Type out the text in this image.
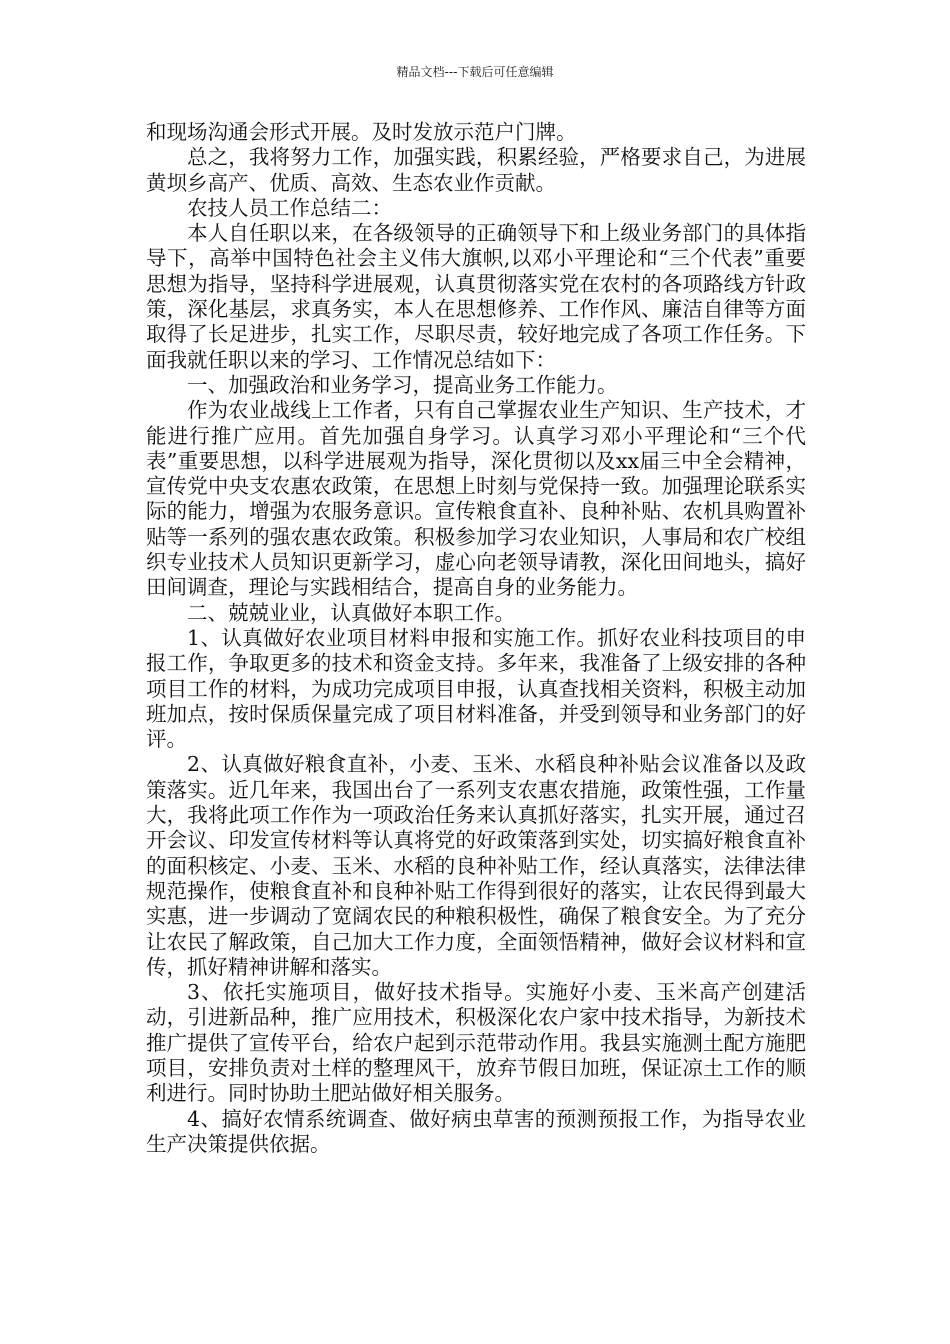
精品文档---下载后可任意编辑

和现场沟通会形式开展。及时发放示范户门牌。

总之，我将努力工作，加强实践，积累经验，严格要求自己，为进展黄坝乡高产、优质、高效、生态农业作贡献。

农技人员工作总结二：

本人自任职以来，在各级领导的正确领导下和上级业务部门的具体指导下，高举中国特色社会主义伟大旗帜,以邓小平理论和“三个代表”重要思想为指导，坚持科学进展观，认真贯彻落实党在农村的各项路线方针政策，深化基层，求真务实，本人在思想修养、工作作风、廉洁自律等方面取得了长足进步，扎实工作，尽职尽责，较好地完成了各项工作任务。下面我就任职以来的学习、工作情况总结如下：

一、加强政治和业务学习，提高业务工作能力。

作为农业战线上工作者，只有自己掌握农业生产知识、生产技术，才能进行推广应用。首先加强自身学习。认真学习邓小平理论和“三个代表”重要思想，以科学进展观为指导，深化贯彻以及xx届三中全会精神，宣传党中央支农惠农政策，在思想上时刻与党保持一致。加强理论联系实际的能力，增强为农服务意识。宣传粮食直补、良种补贴、农机具购置补贴等一系列的强农惠农政策。积极参加学习农业知识，人事局和农广校组织专业技术人员知识更新学习，虚心向老领导请教，深化田间地头，搞好田间调查，理论与实践相结合，提高自身的业务能力。

二、兢兢业业，认真做好本职工作。

1、认真做好农业项目材料申报和实施工作。抓好农业科技项目的申报工作，争取更多的技术和资金支持。多年来，我准备了上级安排的各种项目工作的材料，为成功完成项目申报，认真查找相关资料，积极主动加班加点，按时保质保量完成了项目材料准备，并受到领导和业务部门的好评。

2、认真做好粮食直补，小麦、玉米、水稻良种补贴会议准备以及政策落实。近几年来，我国出台了一系列支农惠农措施，政策性强，工作量大，我将此项工作作为一项政治任务来认真抓好落实，扎实开展，通过召开会议、印发宣传材料等认真将党的好政策落到实处，切实搞好粮食直补的面积核定、小麦、玉米、水稻的良种补贴工作，经认真落实，法律法律规范操作，使粮食直补和良种补贴工作得到很好的落实，让农民得到最大实惠，进一步调动了宽阔农民的种粮积极性，确保了粮食安全。为了充分让农民了解政策，自己加大工作力度，全面领悟精神，做好会议材料和宣传，抓好精神讲解和落实。

3、依托实施项目，做好技术指导。实施好小麦、玉米高产创建活动，引进新品种，推广应用技术，积极深化农户家中技术指导，为新技术推广提供了宣传平台，给农户起到示范带动作用。我县实施测土配方施肥项目，安排负责对土样的整理风干，放弃节假日加班，保证凉土工作的顺利进行。同时协助土肥站做好相关服务。

4、搞好农情系统调查、做好病虫草害的预测预报工作，为指导农业生产决策提供依据。
